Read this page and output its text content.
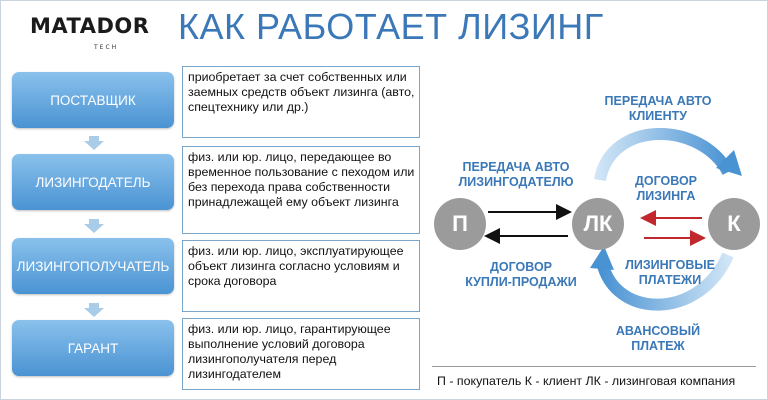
MATADOR
TECH
КАК РАБОТАЕТ ЛИЗИНГ
ПОСТАВЩИК
ЛИЗИНГОДАТЕЛЬ
ЛИЗИНГОПОЛУЧАТЕЛЬ
ГАРАНТ
приобретает за счет собственных или заемных средств объект лизинга (авто, спецтехнику или др.)
физ. или юр. лицо, передающее во временное пользование с пеходом или без перехода права собственности принадлежащей ему объект лизинга
физ. или юр. лицо, эксплуатирующее объект лизинга согласно условиям и срока договора
физ. или юр. лицо, гарантирующее выполнение условий договора лизингополучателя перед лизингодателем
П	ЛК	К
ПЕРЕДАЧА АВТО
КЛИЕНТУ
ПЕРЕДАЧА АВТО
ЛИЗИНГОДАТЕЛЮ	ДОГОВОР
ЛИЗИНГА
ДОГОВОР
КУПЛИ-ПРОДАЖИ
ЛИЗИНГОВЫЕ
ПЛАТЕЖИ
АВАНСОВЫЙ
ПЛАТЕЖ
П - покупатель К - клиент ЛК - лизинговая компания
